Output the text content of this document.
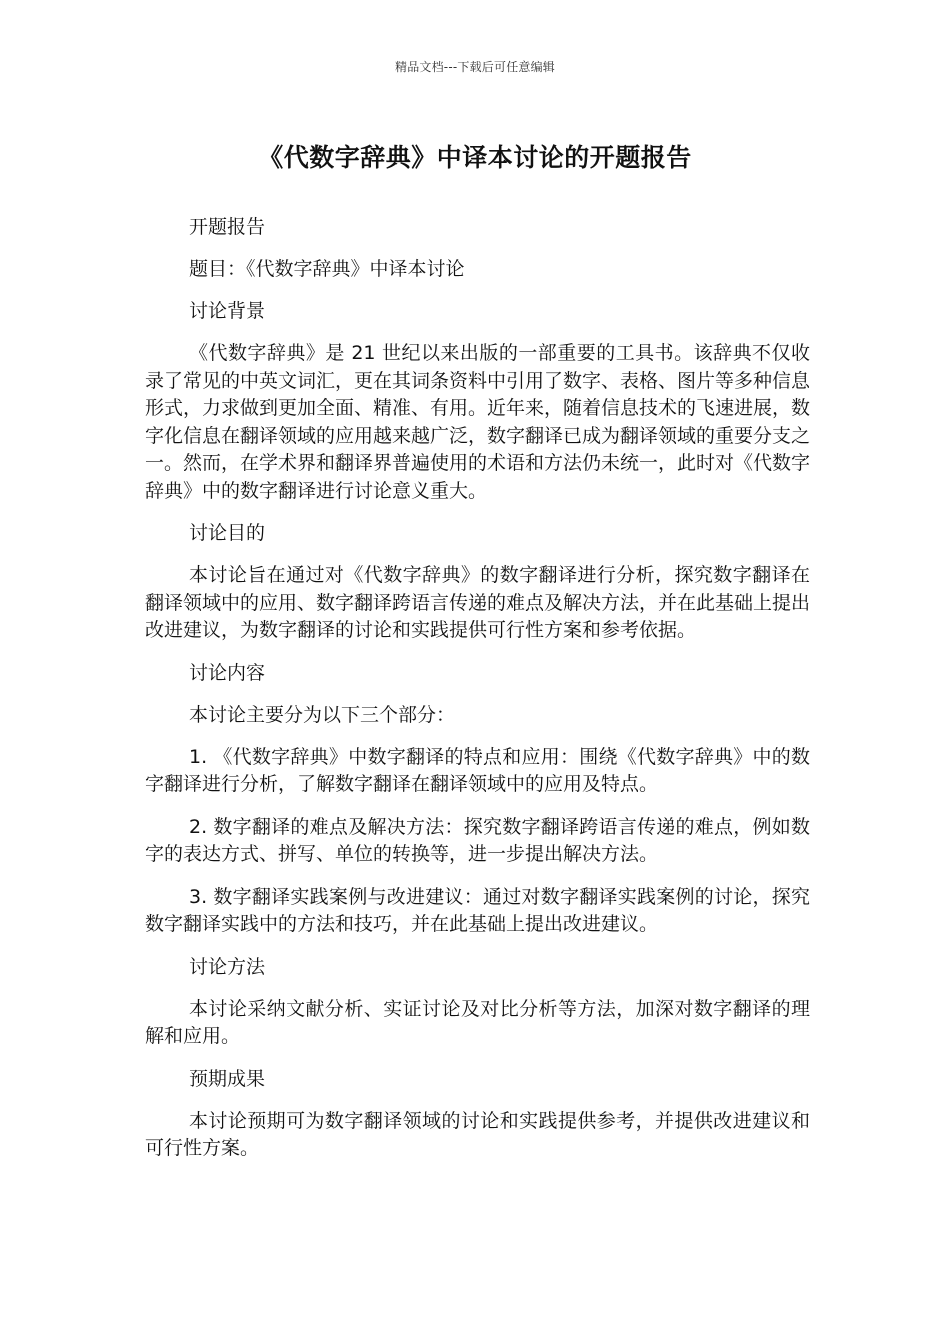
精品文档---下载后可任意编辑
《代数字辞典》中译本讨论的开题报告

开题报告

题目：《代数字辞典》中译本讨论

讨论背景

《代数字辞典》是 21 世纪以来出版的一部重要的工具书。该辞典不仅收录了常见的中英文词汇，更在其词条资料中引用了数字、表格、图片等多种信息形式，力求做到更加全面、精准、有用。近年来，随着信息技术的飞速进展，数字化信息在翻译领域的应用越来越广泛，数字翻译已成为翻译领域的重要分支之一。然而，在学术界和翻译界普遍使用的术语和方法仍未统一，此时对《代数字辞典》中的数字翻译进行讨论意义重大。

讨论目的

本讨论旨在通过对《代数字辞典》的数字翻译进行分析，探究数字翻译在翻译领域中的应用、数字翻译跨语言传递的难点及解决方法，并在此基础上提出改进建议，为数字翻译的讨论和实践提供可行性方案和参考依据。

讨论内容

本讨论主要分为以下三个部分：

1. 《代数字辞典》中数字翻译的特点和应用：围绕《代数字辞典》中的数字翻译进行分析，了解数字翻译在翻译领域中的应用及特点。

2. 数字翻译的难点及解决方法：探究数字翻译跨语言传递的难点，例如数字的表达方式、拼写、单位的转换等，进一步提出解决方法。

3. 数字翻译实践案例与改进建议：通过对数字翻译实践案例的讨论，探究数字翻译实践中的方法和技巧，并在此基础上提出改进建议。

讨论方法

本讨论采纳文献分析、实证讨论及对比分析等方法，加深对数字翻译的理解和应用。

预期成果

本讨论预期可为数字翻译领域的讨论和实践提供参考，并提供改进建议和可行性方案。
